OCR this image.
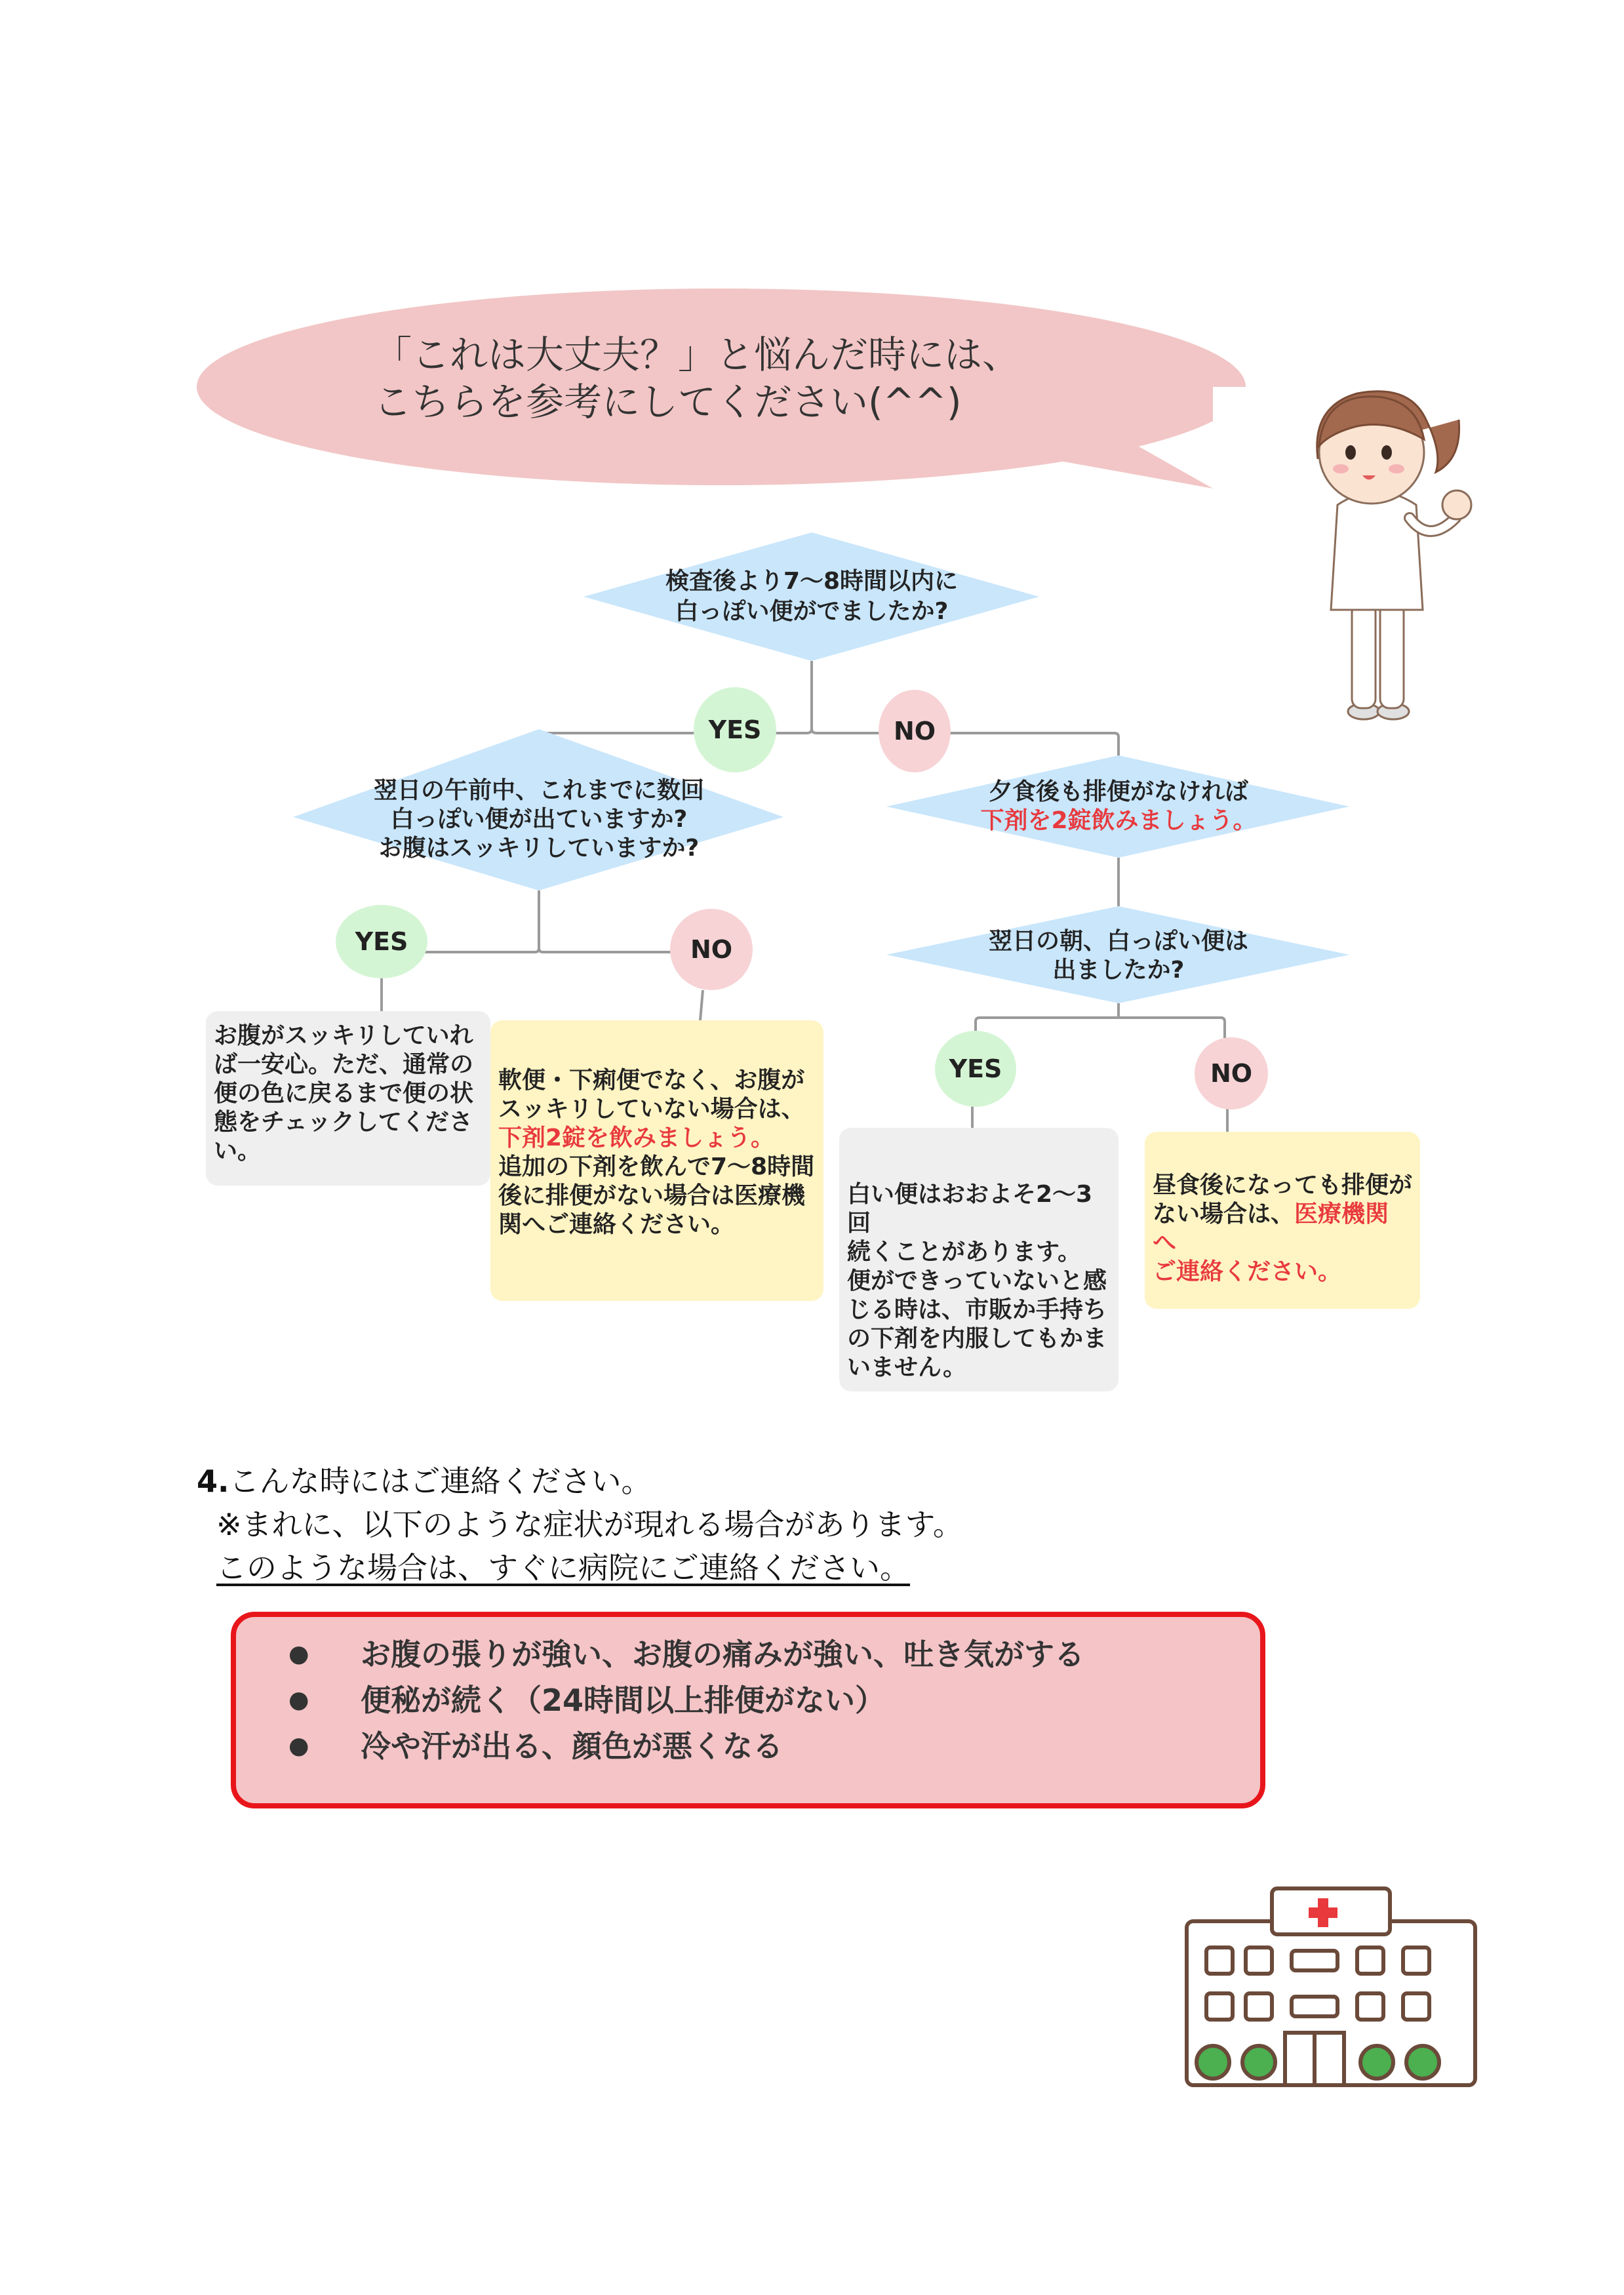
「これは大丈夫？」と悩んだ時には、
こちらを参考にしてください(^^)
検査後より7〜8時間以内に
白っぽい便がでましたか?
YES	NO
翌日の午前中、これまでに数回
白っぽい便が出ていますか?
お腹はスッキリしていますか?
夕食後も排便がなければ
下剤を2錠飲みましょう。
翌日の朝、白っぽい便は
出ましたか?
YES	NO
YES	NO
お腹がスッキリしていれ
ば一安心。ただ、通常の
便の色に戻るまで便の状
態をチェックしてくださ
い。
軟便・下痢便でなく、お腹が
スッキリしていない場合は、
下剤2錠を飲みましょう。
追加の下剤を飲んで7〜8時間
後に排便がない場合は医療機
関へご連絡ください。
白い便はおおよそ2〜3回
続くことがあります。
便ができっていないと感
じる時は、市販か手持ち
の下剤を内服してもかま
いません。
昼食後になっても排便が
ない場合は、医療機関へ
ご連絡ください。
4.こんな時にはご連絡ください。
※まれに、以下のような症状が現れる場合があります。
このような場合は、すぐに病院にご連絡ください。
●	お腹の張りが強い、お腹の痛みが強い、吐き気がする
●	便秘が続く（24時間以上排便がない）
●	冷や汗が出る、顔色が悪くなる
